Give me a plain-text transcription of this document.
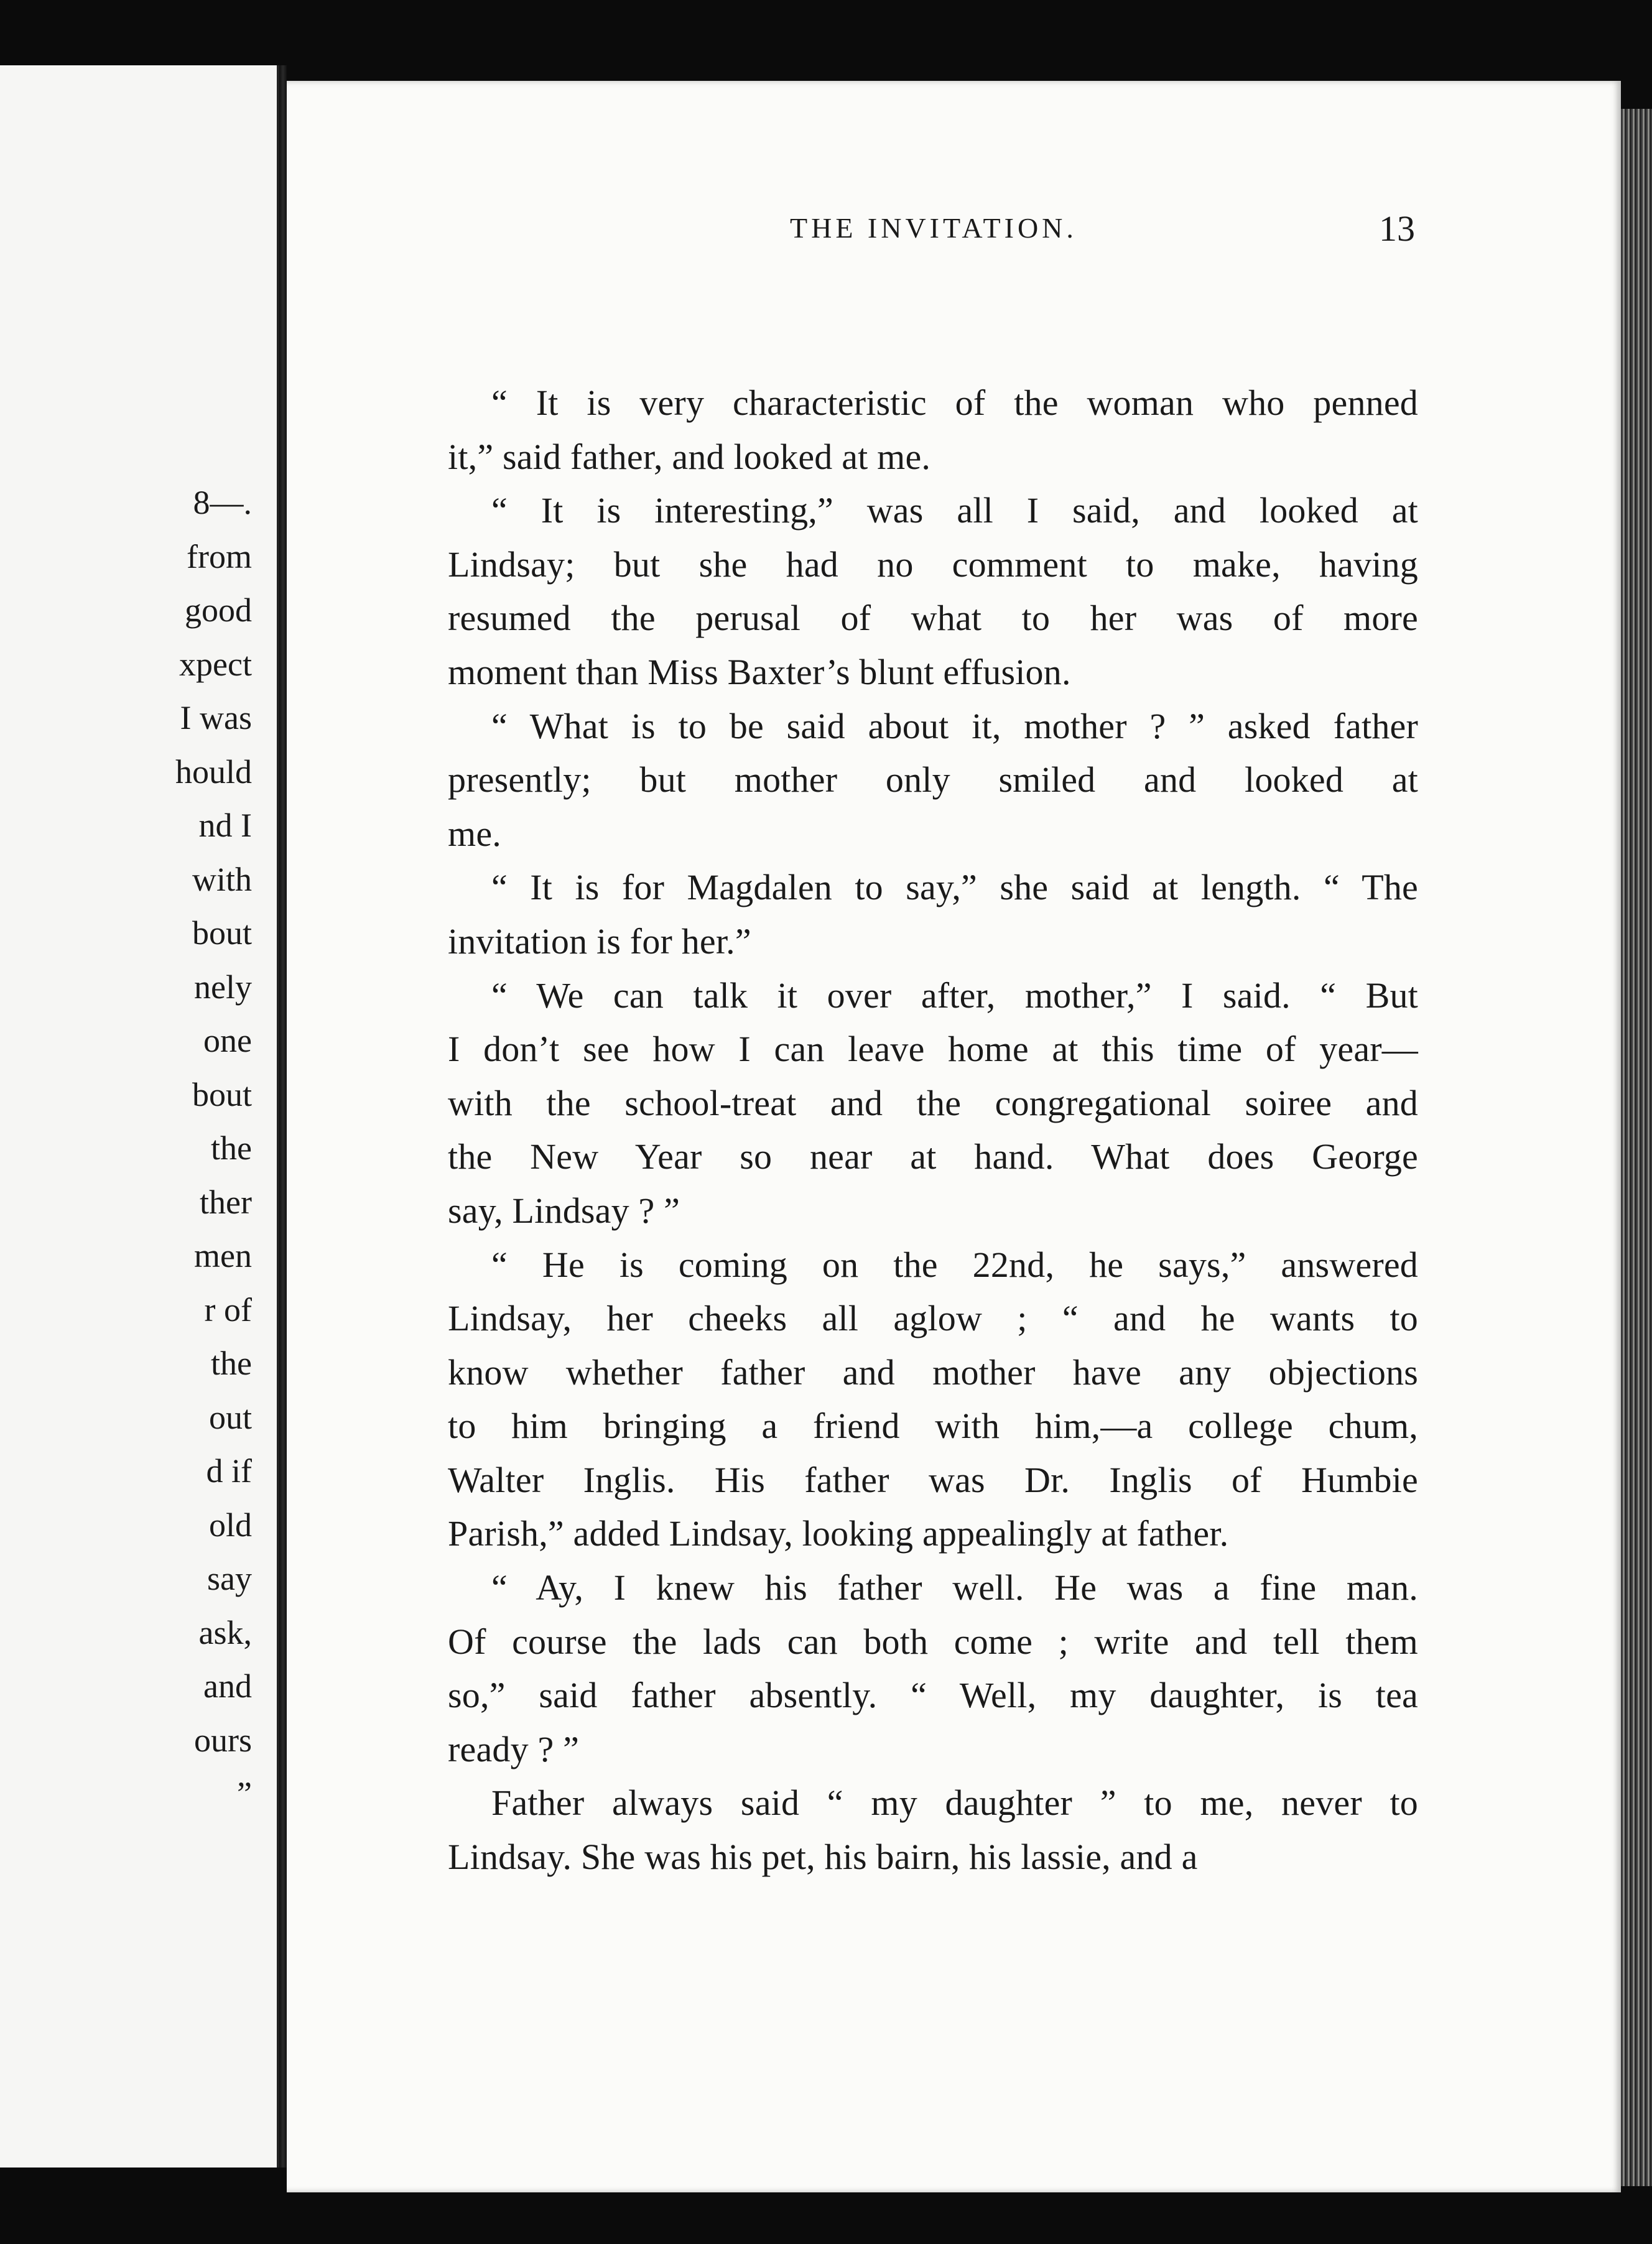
8—.
from
good
xpect
I was
hould
nd I
with
bout
nely
one
bout
the
ther
men
r of
the
out
d if
old
say
ask,
and
ours
”
THE INVITATION.	13
“ It is very characteristic of the woman who penned
it,” said father, and looked at me.
“ It is interesting,” was all I said, and looked at
Lindsay; but she had no comment to make, having
resumed the perusal of what to her was of more
moment than Miss Baxter’s blunt effusion.
“ What is to be said about it, mother ? ” asked father
presently; but mother only smiled and looked at
me.
“ It is for Magdalen to say,” she said at length. “ The
invitation is for her.”
“ We can talk it over after, mother,” I said. “ But
I don’t see how I can leave home at this time of year—
with the school-treat and the congregational soiree and
the New Year so near at hand. What does George
say, Lindsay ? ”
“ He is coming on the 22nd, he says,” answered
Lindsay, her cheeks all aglow ; “ and he wants to
know whether father and mother have any objections
to him bringing a friend with him,—a college chum,
Walter Inglis. His father was Dr. Inglis of Humbie
Parish,” added Lindsay, looking appealingly at father.
“ Ay, I knew his father well. He was a fine man.
Of course the lads can both come ; write and tell them
so,” said father absently. “ Well, my daughter, is tea
ready ? ”
Father always said “ my daughter ” to me, never to
Lindsay. She was his pet, his bairn, his lassie, and a
